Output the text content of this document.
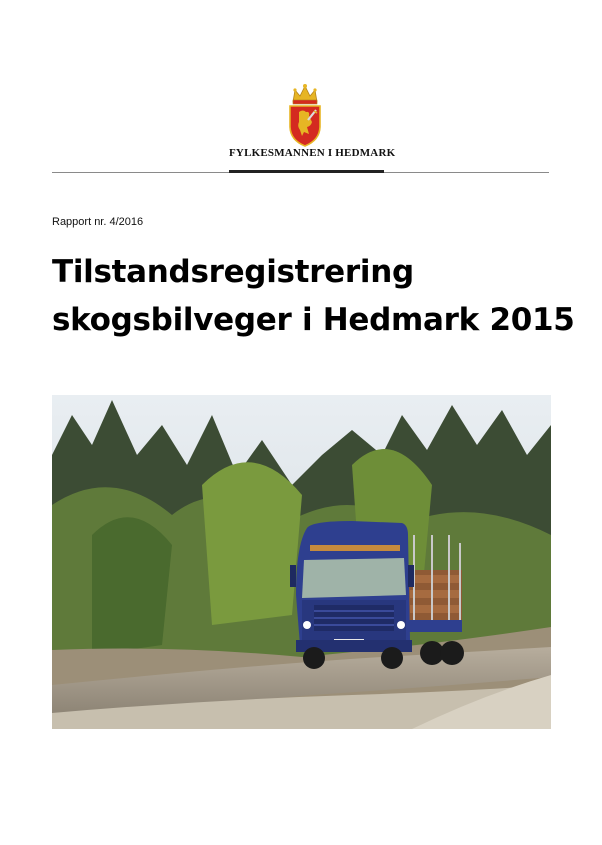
FYLKESMANNEN I HEDMARK
Rapport nr. 4/2016
Tilstandsregistrering
skogsbilveger i Hedmark 2015
